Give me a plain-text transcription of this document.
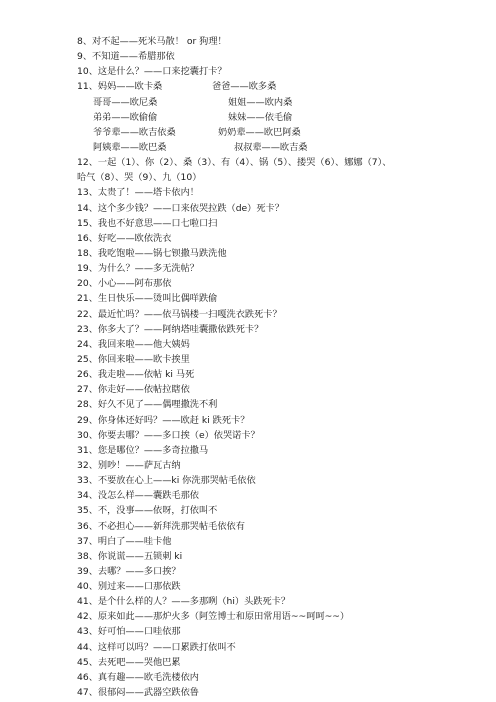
8、对不起——死米马散！ or 狗理！
9、不知道——希腊那依
10、这是什么？——口来挖囊打卡？
11、妈妈——欧卡桑	爸爸——欧多桑
哥哥——欧尼桑	姐姐——欧内桑
弟弟——欧偷偷	妹妹——依毛偷
爷爷辈——欧吉依桑	奶奶辈——欧巴阿桑
阿姨辈——欧巴桑	叔叔辈——欧吉桑
12、一起（1）、你（2）、桑（3）、有（4）、锅（5）、搂哭（6）、娜娜（7）、
哈气（8）、哭（9）、九（10）
13、太贵了！——塔卡依内！
14、这个多少钱？——口来依哭拉跌（de）死卡？
15、我也不好意思——口七啦口扫
16、好吃——欧依洗衣
18、我吃饱啦——锅七钡撒马跌洗他
19、为什么？——多无洗帖？
20、小心——阿布那依
21、生日快乐——烫叫比偶咩跌偷
22、最近忙吗？——依马锅楼一扫嘎洗衣跌死卡？
23、你多大了？——阿纳塔哇囊撒依跌死卡？
24、我回来啦——他大姨妈
25、你回来啦——欧卡挨里
26、我走啦——依帖 ki 马死
27、你走好——依帖拉瞎依
28、好久不见了——偶哩撒洗不利
29、你身体还好吗？——欧赶 ki 跌死卡？
30、你要去哪？——多口挨（e）依哭诺卡？
31、您是哪位？——多奇拉撒马
32、别吵！——萨瓦古纳
33、不要放在心上——ki 你洗那哭帖毛依依
34、没怎么样——囊跌毛那依
35、不，没事——依呀，打依叫不
36、不必担心——新拜洗那哭帖毛依依有
37、明白了——哇卡他
38、你说谎——五锁刺 ki
39、去哪？——多口挨？
40、别过来——口那依跌
41、是个什么样的人？——多那咧（hi）头跌死卡？
42、原来如此——那炉火多（阿笠博士和原田常用语~~呵呵~~）
43、好可怕——口哇依那
44、这样可以吗？——口累跌打依叫不
45、去死吧——哭他巴累
46、真有趣——欧毛洗楼依内
47、很郁闷——武器空跌依鲁
